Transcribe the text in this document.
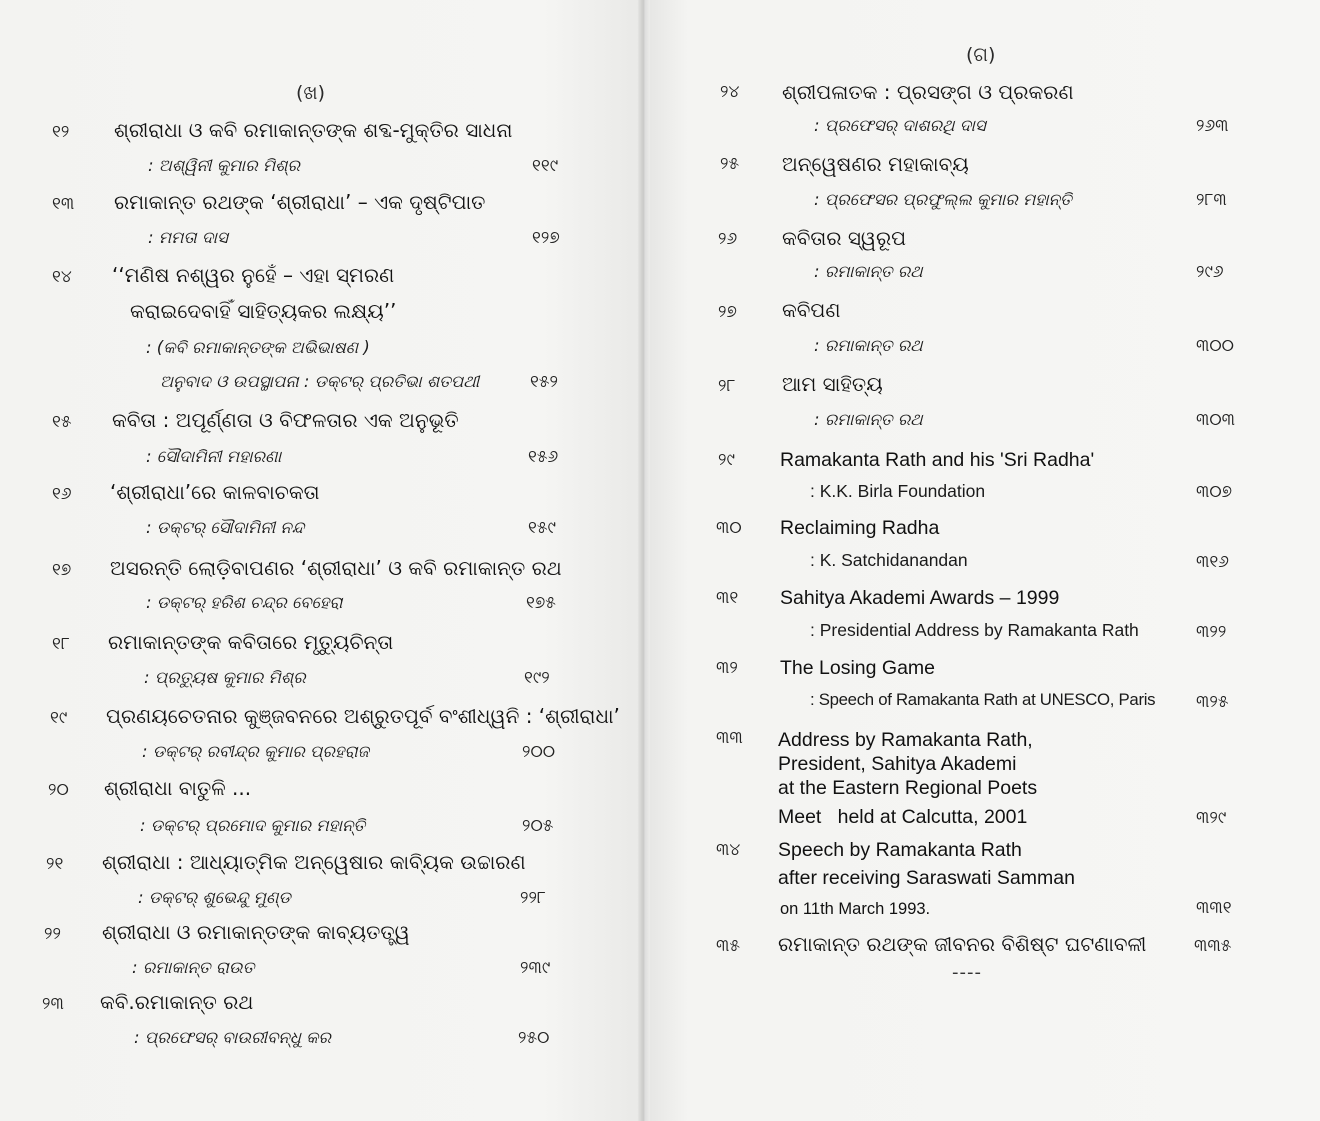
(ଖ)
୧୨ ଶ୍ରୀରାଧା ଓ କବି ରମାକାନ୍ତଙ୍କ ଶବ୍ଦ-ମୁକ୍ତିର ସାଧନା
: ଅଶ୍ୱିନୀ କୁମାର ମିଶ୍ର	୧୧୯
୧୩ ରମାକାନ୍ତ ରଥଙ୍କ ‘ଶ୍ରୀରାଧା’ – ଏକ ଦୃଷ୍ଟିପାତ
: ମମତା ଦାସ	୧୨୭
୧୪ ‘‘ମଣିଷ ନଶ୍ୱର ନୁହେଁ – ଏହା ସ୍ମରଣ
କରାଇଦେବାହିଁ ସାହିତ୍ୟକର ଲକ୍ଷ୍ୟ’’
: (କବି ରମାକାନ୍ତଙ୍କ ଅଭିଭାଷଣ )
ଅନୁବାଦ ଓ ଉପସ୍ଥାପନା : ଡକ୍ଟର୍ ପ୍ରତିଭା ଶତପଥୀ	୧୫୨
୧୫ କବିତା : ଅପୂର୍ଣ୍ଣତା ଓ ବିଫଳତାର ଏକ ଅନୁଭୂତି
: ସୌଦାମିନୀ ମହାରଣା	୧୫୬
୧୬ ‘ଶ୍ରୀରାଧା’ରେ କାଳବାଚକତା
: ଡକ୍ଟର୍ ସୌଦାମିନୀ ନନ୍ଦ	୧୫୯
୧୭ ଅସରନ୍ତି ଲୋଡ଼ିବାପଣର ‘ଶ୍ରୀରାଧା’ ଓ କବି ରମାକାନ୍ତ ରଥ
: ଡକ୍ଟର୍ ହରିଶ ଚନ୍ଦ୍ର ବେହେରା	୧୭୫
୧୮ ରମାକାନ୍ତଙ୍କ କବିତାରେ ମୃତ୍ୟୁଚିନ୍ତା
: ପ୍ରତ୍ୟୁଷ କୁମାର ମିଶ୍ର	୧୯୨
୧୯ ପ୍ରଣୟଚେତନାର କୁଞ୍ଜବନରେ ଅଶ୍ରୁତପୂର୍ବ ବଂଶୀଧ୍ୱନି : ‘ଶ୍ରୀରାଧା’
: ଡକ୍ଟର୍ ରବୀନ୍ଦ୍ର କୁମାର ପ୍ରହରାଜ	୨୦୦
୨୦ ଶ୍ରୀରାଧା ବାତୁଳି ...
: ଡକ୍ଟର୍ ପ୍ରମୋଦ କୁମାର ମହାନ୍ତି	୨୦୫
୨୧ ଶ୍ରୀରାଧା : ଆଧ୍ୟାତ୍ମିକ ଅନ୍ୱେଷାର କାବ୍ୟିକ ଉଚ୍ଚାରଣ
: ଡକ୍ଟର୍ ଶୁଭେନ୍ଦୁ ମୁଣ୍ଡ	୨୨୮
୨୨ ଶ୍ରୀରାଧା ଓ ରମାକାନ୍ତଙ୍କ କାବ୍ୟତତ୍ତ୍ୱ
: ରମାକାନ୍ତ ରାଉତ	୨୩୯
୨୩ କବି.ରମାକାନ୍ତ ରଥ
: ପ୍ରଫେସର୍ ବାଉରୀବନ୍ଧୁ କର	୨୫୦
(ଗ)
୨୪ ଶ୍ରୀପଳାତକ : ପ୍ରସଙ୍ଗ ଓ ପ୍ରକରଣ
: ପ୍ରଫେସର୍ ଦାଶରଥି ଦାସ	୨୬୩
୨୫ ଅନ୍ୱେଷଣର ମହାକାବ୍ୟ
: ପ୍ରଫେସର ପ୍ରଫୁଲ୍ଲ କୁମାର ମହାନ୍ତି	୨୮୩
୨୬ କବିତାର ସ୍ୱରୂପ
: ରମାକାନ୍ତ ରଥ	୨୯୬
୨୭ କବିପଣ
: ରମାକାନ୍ତ ରଥ	୩୦୦
୨୮ ଆମ ସାହିତ୍ୟ
: ରମାକାନ୍ତ ରଥ	୩୦୩
୨୯ Ramakanta Rath and his 'Sri Radha'
: K.K. Birla Foundation	୩୦୭
୩୦ Reclaiming Radha
: K. Satchidanandan	୩୧୬
୩୧ Sahitya Akademi Awards – 1999
: Presidential Address by Ramakanta Rath	୩୨୨
୩୨ The Losing Game
: Speech of Ramakanta Rath at UNESCO, Paris ୩୨୫
୩୩ Address by Ramakanta Rath,
President, Sahitya Akademi
at the Eastern Regional Poets
Meet   held at Calcutta, 2001	୩୨୯
୩୪ Speech by Ramakanta Rath
after receiving Saraswati Samman
on 11th March 1993.	୩୩୧
୩୫ ରମାକାନ୍ତ ରଥଙ୍କ ଜୀବନର ବିଶିଷ୍ଟ ଘଟଣାବଳୀ	୩୩୫
----
